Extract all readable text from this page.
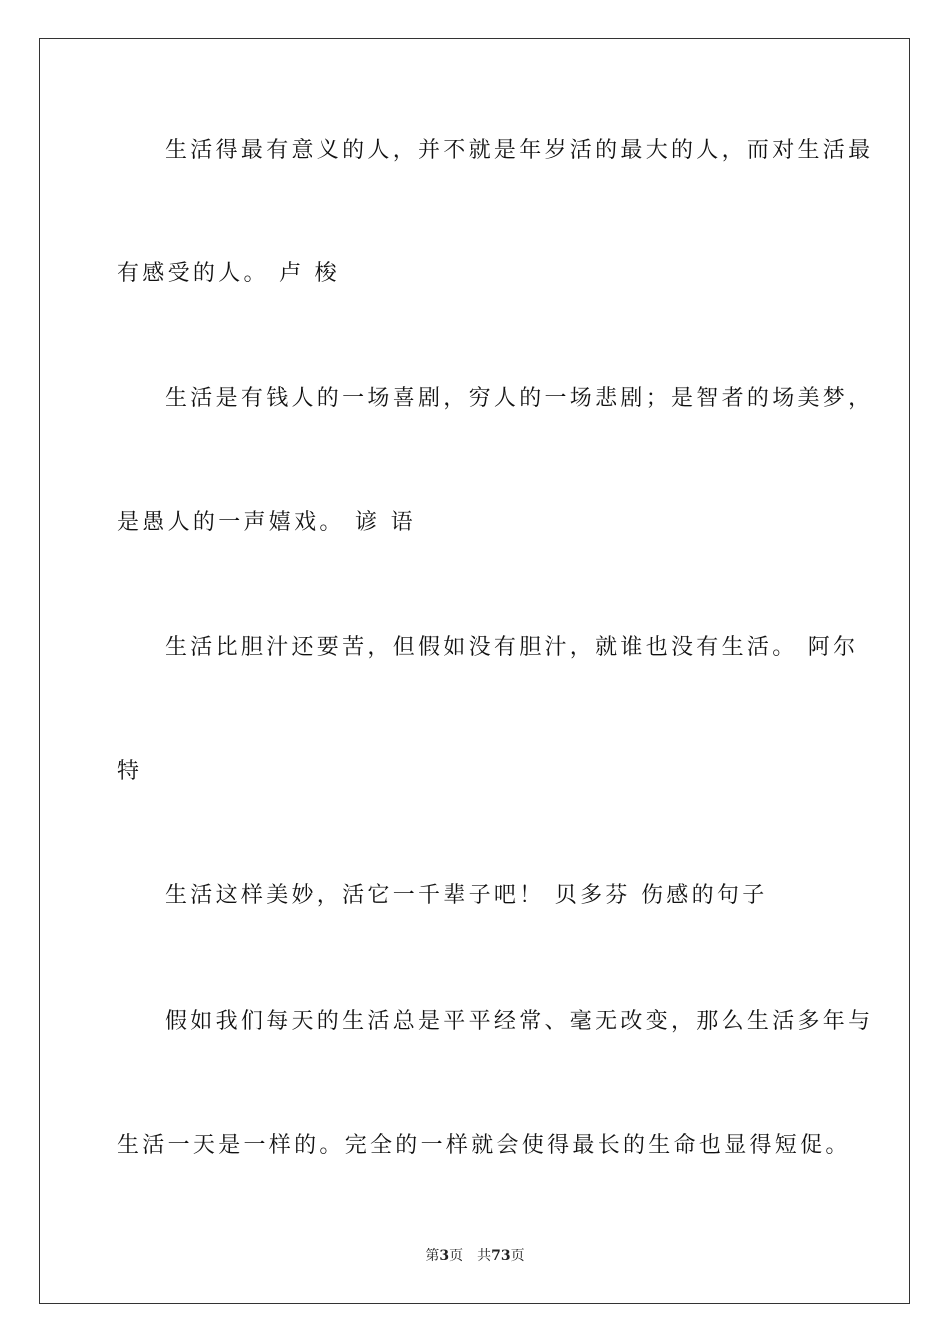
生活得最有意义的人，并不就是年岁活的最大的人，而对生活最
有感受的人。 卢 梭
生活是有钱人的一场喜剧，穷人的一场悲剧；是智者的场美梦，
是愚人的一声嬉戏。 谚 语
生活比胆汁还要苦，但假如没有胆汁，就谁也没有生活。 阿尔
特
生活这样美妙，活它一千辈子吧！ 贝多芬 伤感的句子
假如我们每天的生活总是平平经常、毫无改变，那么生活多年与
生活一天是一样的。完全的一样就会使得最长的生命也显得短促。
第3页 共73页
